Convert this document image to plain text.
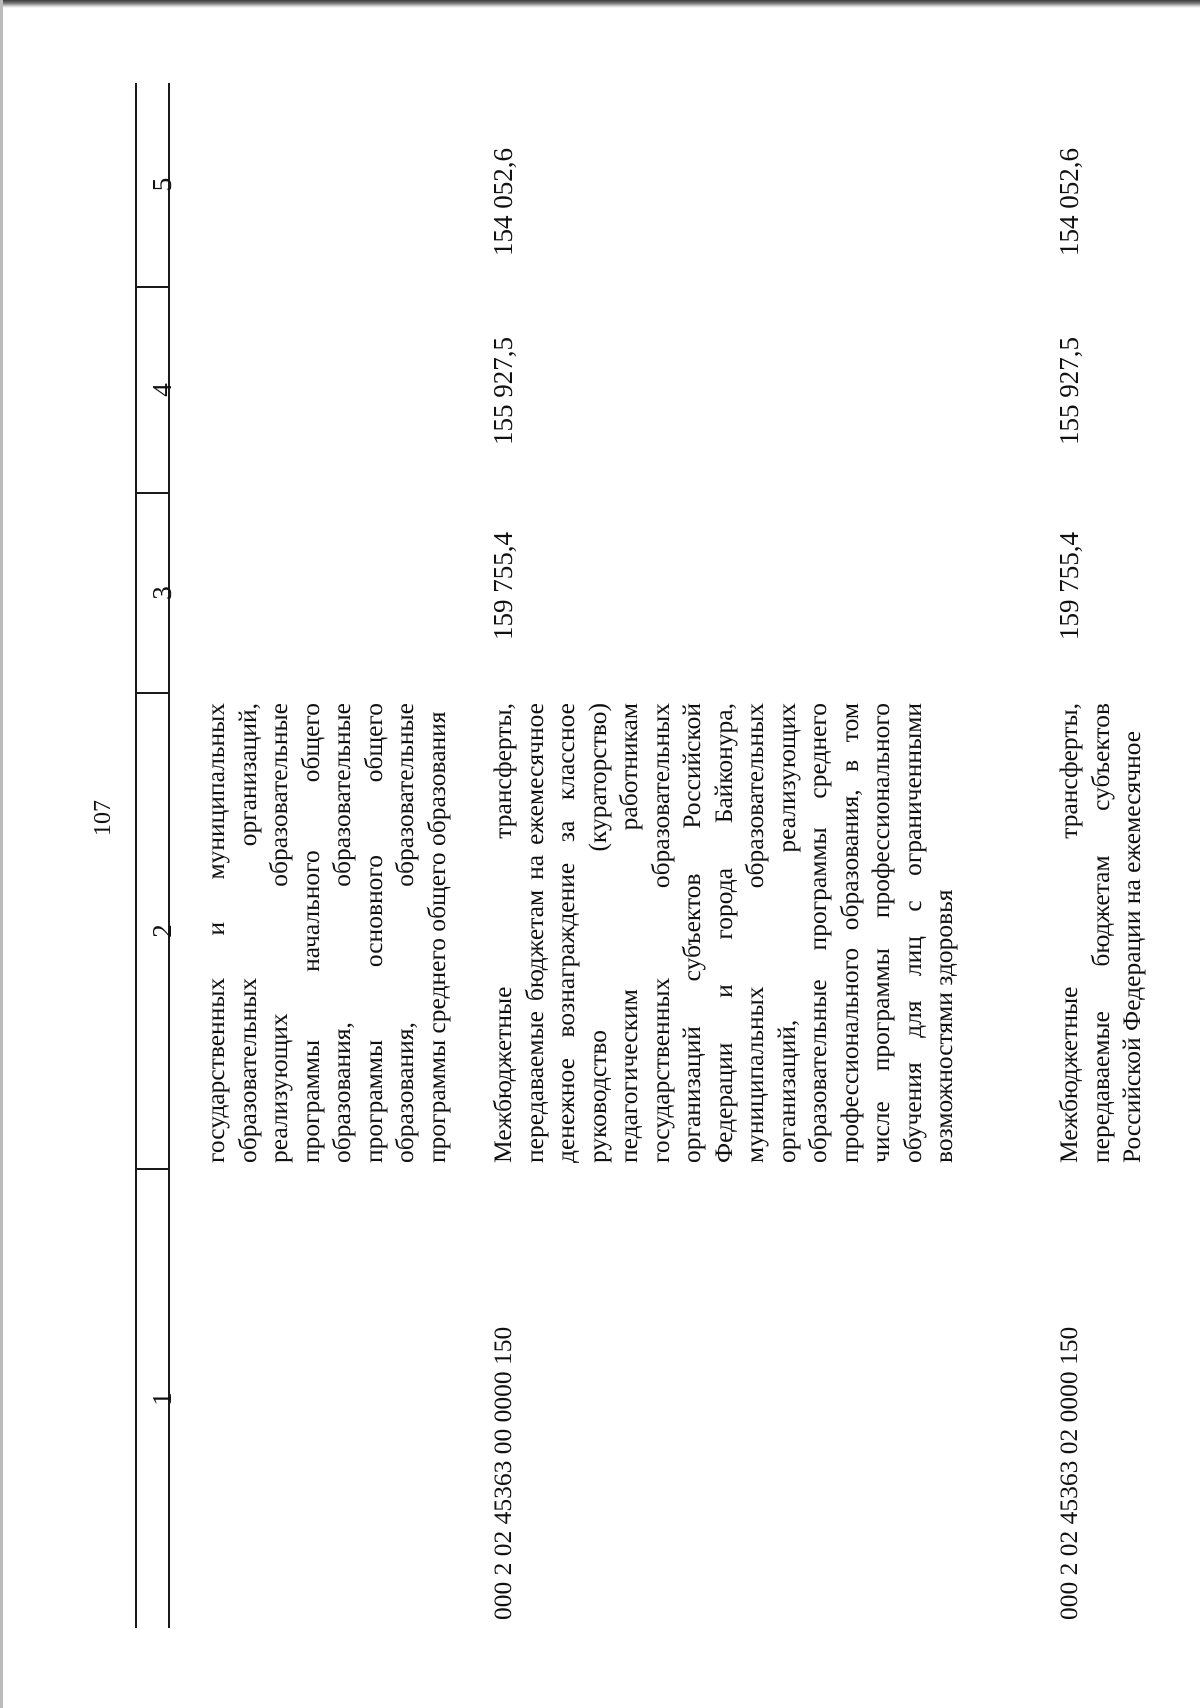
107
1
2
3
4
5
государственных и муниципальных образовательных организаций, реализующих образовательные программы начального общего образования, образовательные программы основного общего образования, образовательные программы среднего общего образования
000 2 02 45363 00 0000 150
Межбюджетные трансферты, передаваемые бюджетам на ежемесячное денежное вознаграждение за классное руководство (кураторство) педагогическим работникам государственных образовательных организаций субъектов Российской Федерации и города Байконура, муниципальных образовательных организаций, реализующих образовательные программы среднего профессионального образования, в том числе программы профессионального обучения для лиц с ограниченными возможностями здоровья
159 755,4
155 927,5
154 052,6
000 2 02 45363 02 0000 150
Межбюджетные трансферты, передаваемые бюджетам субъектов Российской Федерации на ежемесячное
159 755,4
155 927,5
154 052,6
